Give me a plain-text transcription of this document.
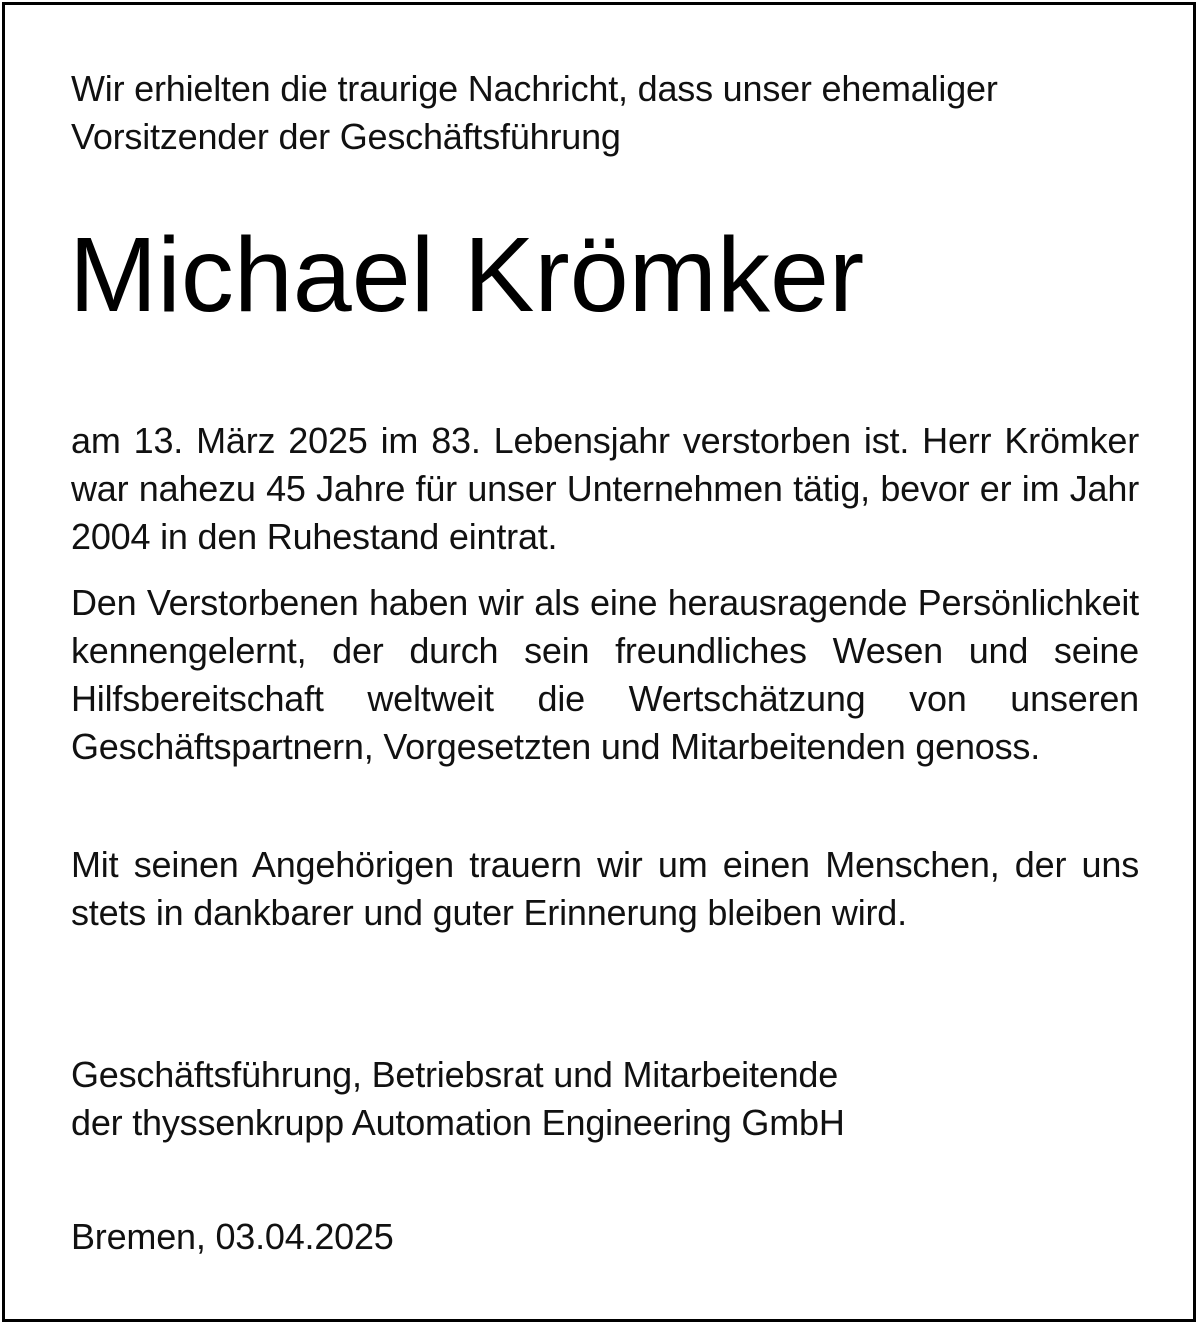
Wir erhielten die traurige Nachricht, dass unser ehemaliger
Vorsitzender der Geschäftsführung

Michael Krömker

am 13. März 2025 im 83. Lebensjahr verstorben ist. Herr Krömker war nahezu 45 Jahre für unser Unternehmen tätig, bevor er im Jahr 2004 in den Ruhestand eintrat.

Den Verstorbenen haben wir als eine herausragende Persönlichkeit kennengelernt, der durch sein freundliches Wesen und seine Hilfsbereitschaft weltweit die Wertschätzung von unseren Geschäftspartnern, Vorgesetzten und Mitarbeitenden genoss.

Mit seinen Angehörigen trauern wir um einen Menschen, der uns stets in dankbarer und guter Erinnerung bleiben wird.

Geschäftsführung, Betriebsrat und Mitarbeitende
der thyssenkrupp Automation Engineering GmbH

Bremen, 03.04.2025
